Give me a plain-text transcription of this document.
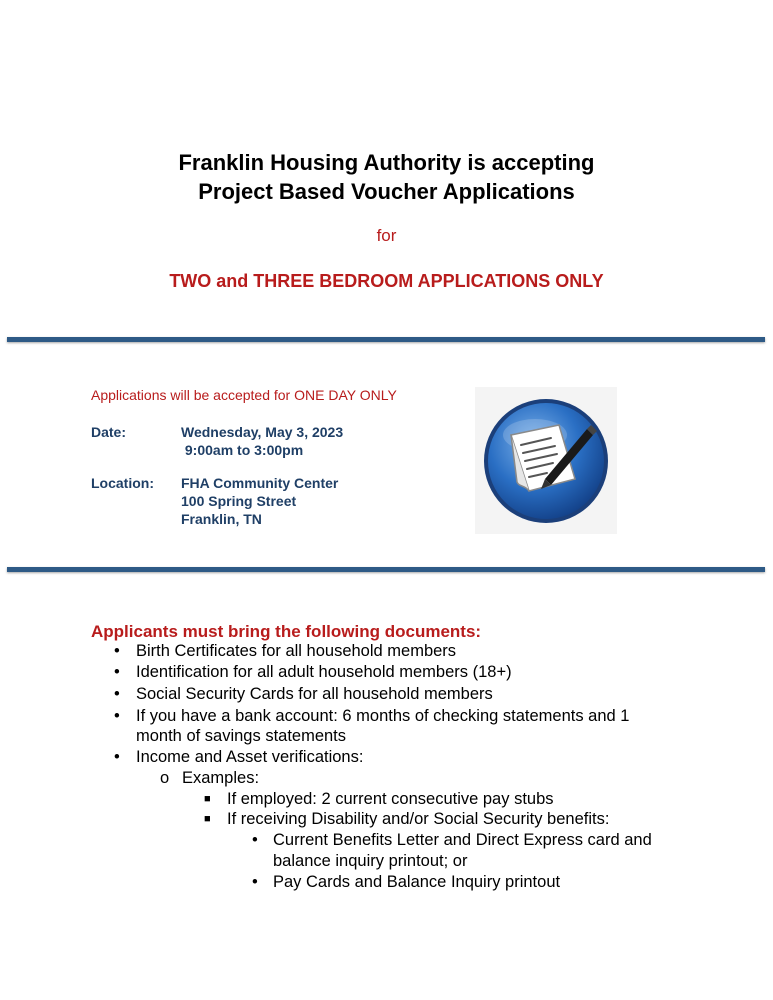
Franklin Housing Authority is accepting
Project Based Voucher Applications
for
TWO and THREE BEDROOM APPLICATIONS ONLY
Applications will be accepted for ONE DAY ONLY
Date:	Wednesday, May 3, 2023
9:00am to 3:00pm
Location: FHA Community Center
100 Spring Street
Franklin, TN
Applicants must bring the following documents:
• Birth Certificates for all household members
• Identification for all adult household members (18+)
• Social Security Cards for all household members
• If you have a bank account: 6 months of checking statements and 1
month of savings statements
• Income and Asset verifications:
o Examples:
■ If employed: 2 current consecutive pay stubs
■ If receiving Disability and/or Social Security benefits:
• Current Benefits Letter and Direct Express card and
balance inquiry printout; or
• Pay Cards and Balance Inquiry printout
